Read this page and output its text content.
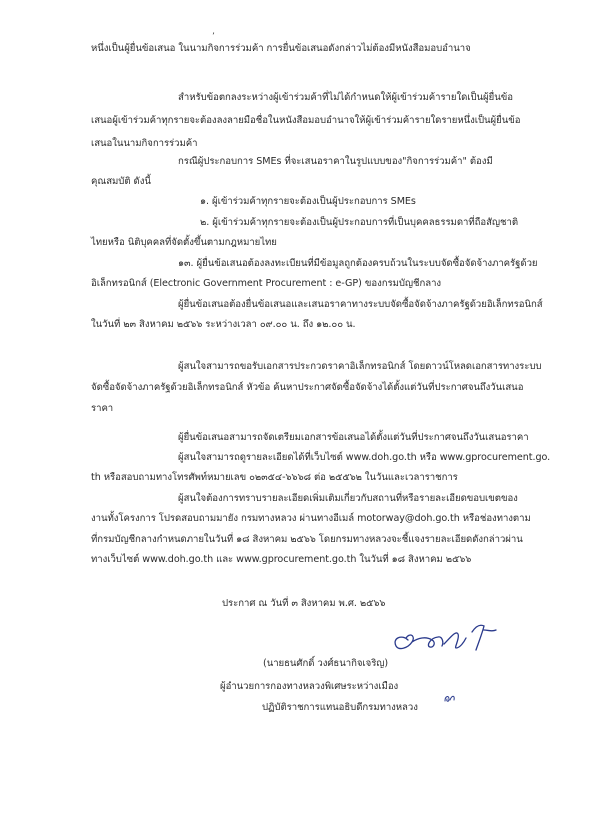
’
หนึ่งเป็นผู้ยื่นข้อเสนอ ในนามกิจการร่วมค้า การยื่นข้อเสนอดังกล่าวไม่ต้องมีหนังสือมอบอำนาจ
สำหรับข้อตกลงระหว่างผู้เข้าร่วมค้าที่ไม่ได้กำหนดให้ผู้เข้าร่วมค้ารายใดเป็นผู้ยื่นข้อ
เสนอผู้เข้าร่วมค้าทุกรายจะต้องลงลายมือชื่อในหนังสือมอบอำนาจให้ผู้เข้าร่วมค้ารายใดรายหนึ่งเป็นผู้ยื่นข้อ
เสนอในนามกิจการร่วมค้า
กรณีผู้ประกอบการ SMEs ที่จะเสนอราคาในรูปแบบของ"กิจการร่วมค้า" ต้องมี
คุณสมบัติ ดังนี้
๑. ผู้เข้าร่วมค้าทุกรายจะต้องเป็นผู้ประกอบการ SMEs
๒. ผู้เข้าร่วมค้าทุกรายจะต้องเป็นผู้ประกอบการที่เป็นบุคคลธรรมดาที่ถือสัญชาติ
ไทยหรือ นิติบุคคลที่จัดตั้งขึ้นตามกฎหมายไทย
๑๓. ผู้ยื่นข้อเสนอต้องลงทะเบียนที่มีข้อมูลถูกต้องครบถ้วนในระบบจัดซื้อจัดจ้างภาครัฐด้วย
อิเล็กทรอนิกส์ (Electronic Government Procurement : e-GP) ของกรมบัญชีกลาง
ผู้ยื่นข้อเสนอต้องยื่นข้อเสนอและเสนอราคาทางระบบจัดซื้อจัดจ้างภาครัฐด้วยอิเล็กทรอนิกส์
ในวันที่ ๒๓ สิงหาคม ๒๕๖๖ ระหว่างเวลา ๐๙.๐๐ น. ถึง ๑๒.๐๐ น.
ผู้สนใจสามารถขอรับเอกสารประกวดราคาอิเล็กทรอนิกส์ โดยดาวน์โหลดเอกสารทางระบบ
จัดซื้อจัดจ้างภาครัฐด้วยอิเล็กทรอนิกส์ หัวข้อ ค้นหาประกาศจัดซื้อจัดจ้างได้ตั้งแต่วันที่ประกาศจนถึงวันเสนอ
ราคา
ผู้ยื่นข้อเสนอสามารถจัดเตรียมเอกสารข้อเสนอได้ตั้งแต่วันที่ประกาศจนถึงวันเสนอราคา
ผู้สนใจสามารถดูรายละเอียดได้ที่เว็บไซต์ www.doh.go.th หรือ www.gprocurement.go.
th หรือสอบถามทางโทรศัพท์หมายเลข ๐๒๓๕๔-๖๖๖๘ ต่อ ๒๕๕๖๒ ในวันและเวลาราชการ
ผู้สนใจต้องการทราบรายละเอียดเพิ่มเติมเกี่ยวกับสถานที่หรือรายละเอียดขอบเขตของ
งานทั้งโครงการ โปรดสอบถามมายัง กรมทางหลวง ผ่านทางอีเมล์ motorway@doh.go.th หรือช่องทางตาม
ที่กรมบัญชีกลางกำหนดภายในวันที่ ๑๘ สิงหาคม ๒๕๖๖ โดยกรมทางหลวงจะชี้แจงรายละเอียดดังกล่าวผ่าน
ทางเว็บไซต์ www.doh.go.th และ www.gprocurement.go.th ในวันที่ ๑๘ สิงหาคม ๒๕๖๖
ประกาศ ณ วันที่ ๓ สิงหาคม พ.ศ. ๒๕๖๖
(นายธนศักดิ์ วงศ์ธนากิจเจริญ)
ผู้อำนวยการกองทางหลวงพิเศษระหว่างเมือง
ปฏิบัติราชการแทนอธิบดีกรมทางหลวง
